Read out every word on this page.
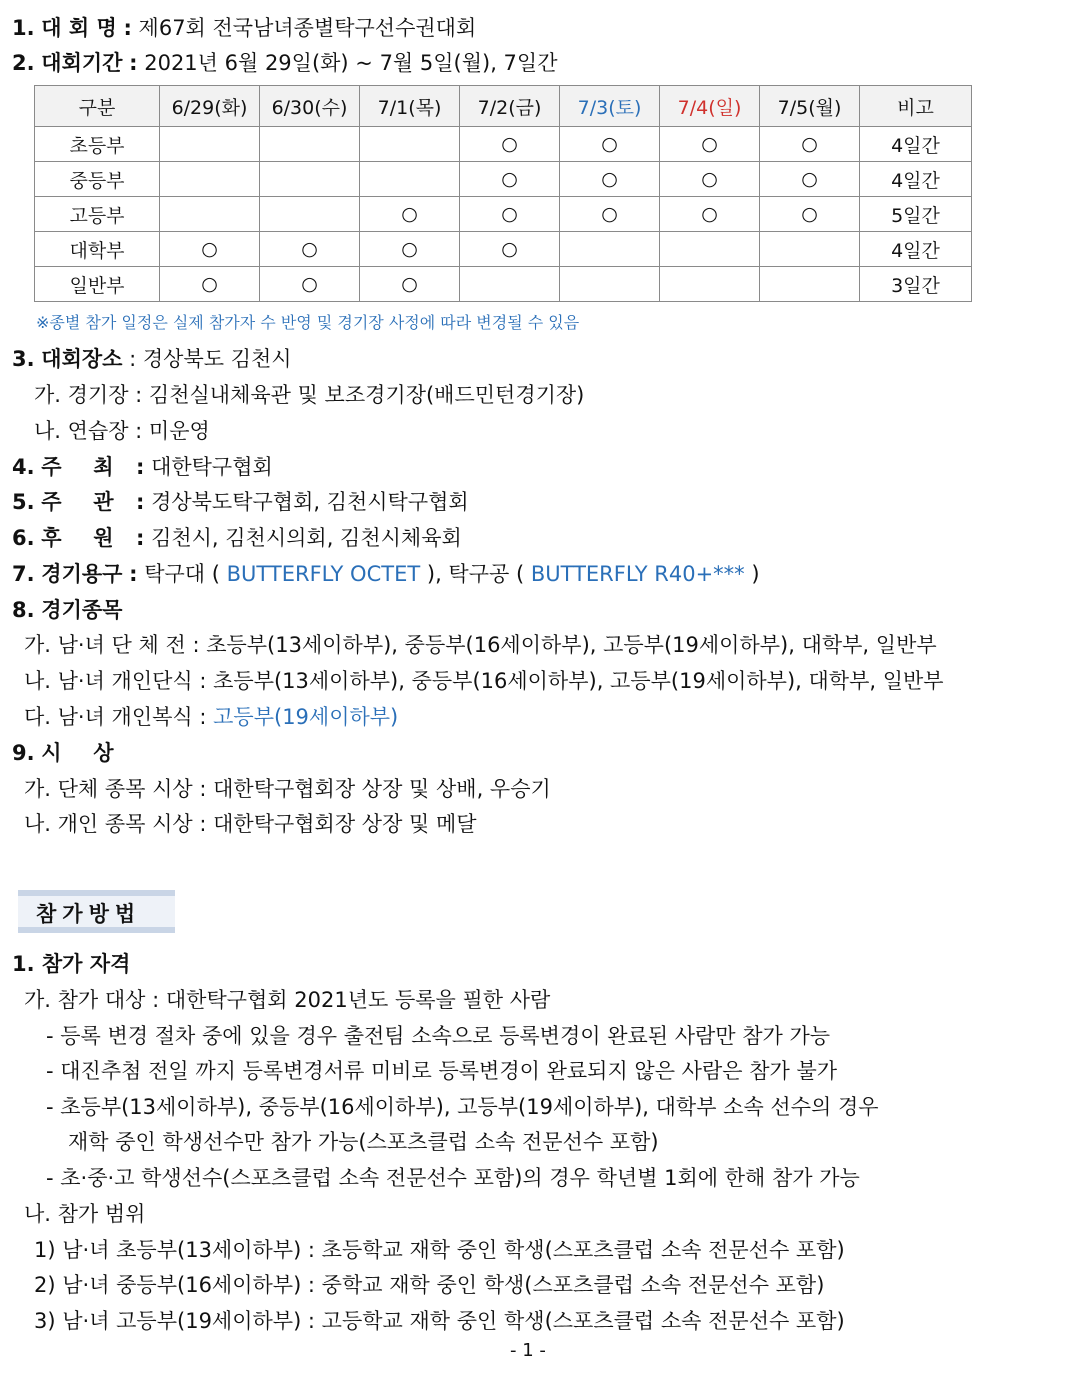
1. 대 회 명 : 제67회 전국남녀종별탁구선수권대회
2. 대회기간 : 2021년 6월 29일(화) ~ 7월 5일(월), 7일간
구분	6/29(화)	6/30(수)	7/1(목)	7/2(금)	7/3(토)	7/4(일)	7/5(월)	비고
초등부				○	○	○	○	4일간
중등부				○	○	○	○	4일간
고등부			○	○	○	○	○	5일간
대학부	○	○	○	○				4일간
일반부	○	○	○					3일간
※종별 참가 일정은 실제 참가자 수 반영 및 경기장 사정에 따라 변경될 수 있음
3. 대회장소 : 경상북도 김천시
가. 경기장 : 김천실내체육관 및 보조경기장(배드민턴경기장)
나. 연습장 : 미운영
4. 주 최 : 대한탁구협회
5. 주 관 : 경상북도탁구협회, 김천시탁구협회
6. 후 원 : 김천시, 김천시의회, 김천시체육회
7. 경기용구 : 탁구대 ( BUTTERFLY OCTET ), 탁구공 ( BUTTERFLY R40+*** )
8. 경기종목
가. 남·녀 단 체 전 : 초등부(13세이하부), 중등부(16세이하부), 고등부(19세이하부), 대학부, 일반부
나. 남·녀 개인단식 : 초등부(13세이하부), 중등부(16세이하부), 고등부(19세이하부), 대학부, 일반부
다. 남·녀 개인복식 : 고등부(19세이하부)
9. 시 상
가. 단체 종목 시상 : 대한탁구협회장 상장 및 상배, 우승기
나. 개인 종목 시상 : 대한탁구협회장 상장 및 메달
참가방법
1. 참가 자격
가. 참가 대상 : 대한탁구협회 2021년도 등록을 필한 사람
- 등록 변경 절차 중에 있을 경우 출전팀 소속으로 등록변경이 완료된 사람만 참가 가능
- 대진추첨 전일 까지 등록변경서류 미비로 등록변경이 완료되지 않은 사람은 참가 불가
- 초등부(13세이하부), 중등부(16세이하부), 고등부(19세이하부), 대학부 소속 선수의 경우
재학 중인 학생선수만 참가 가능(스포츠클럽 소속 전문선수 포함)
- 초·중·고 학생선수(스포츠클럽 소속 전문선수 포함)의 경우 학년별 1회에 한해 참가 가능
나. 참가 범위
1) 남·녀 초등부(13세이하부) : 초등학교 재학 중인 학생(스포츠클럽 소속 전문선수 포함)
2) 남·녀 중등부(16세이하부) : 중학교 재학 중인 학생(스포츠클럽 소속 전문선수 포함)
3) 남·녀 고등부(19세이하부) : 고등학교 재학 중인 학생(스포츠클럽 소속 전문선수 포함)
- 1 -
